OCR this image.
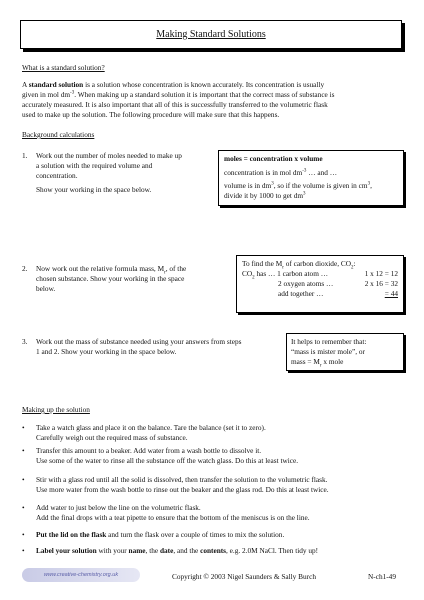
Making Standard Solutions
What is a standard solution?
A standard solution is a solution whose concentration is known accurately. Its concentration is usually
given in mol $dm^{-3}$. When making up a standard solution it is important that the correct mass of substance is
accurately measured. It is also important that all of this is successfully transferred to the volumetric flask
used to make up the solution. The following procedure will make sure that this happens.
Background calculations
1. Work out the number of moles needed to make up
a solution with the required volume and
concentration.
Show your working in the space below.
moles = concentration x volume
concentration is in mol $dm^{-3}$ … and …
volume is in $dm^3$, so if the volume is given in $cm^3$,
divide it by 1000 to get $dm^3$
2. Now work out the relative formula mass, $M_r$, of the
chosen substance. Show your working in the space
below.
To find the $M_r$ of carbon dioxide, $CO_2$:
$CO_2$ has … 1 carbon atom …	1 x 12 = 12
2 oxygen atoms …	2 x 16 = 32
add together …	= 44
3. Work out the mass of substance needed using your answers from steps
1 and 2. Show your working in the space below.
It helps to remember that:
“mass is mister mole”, or
mass = $M_r$ x mole
Making up the solution
• Take a watch glass and place it on the balance. Tare the balance (set it to zero).
Carefully weigh out the required mass of substance.
• Transfer this amount to a beaker. Add water from a wash bottle to dissolve it.
Use some of the water to rinse all the substance off the watch glass. Do this at least twice.
• Stir with a glass rod until all the solid is dissolved, then transfer the solution to the volumetric flask.
Use more water from the wash bottle to rinse out the beaker and the glass rod. Do this at least twice.
• Add water to just below the line on the volumetric flask.
Add the final drops with a teat pipette to ensure that the bottom of the meniscus is on the line.
• Put the lid on the flask and turn the flask over a couple of times to mix the solution.
• Label your solution with your name, the date, and the contents, e.g. 2.0M NaCl. Then tidy up!
www.creative-chemistry.org.uk	Copyright © 2003 Nigel Saunders & Sally Burch	N-ch1-49
